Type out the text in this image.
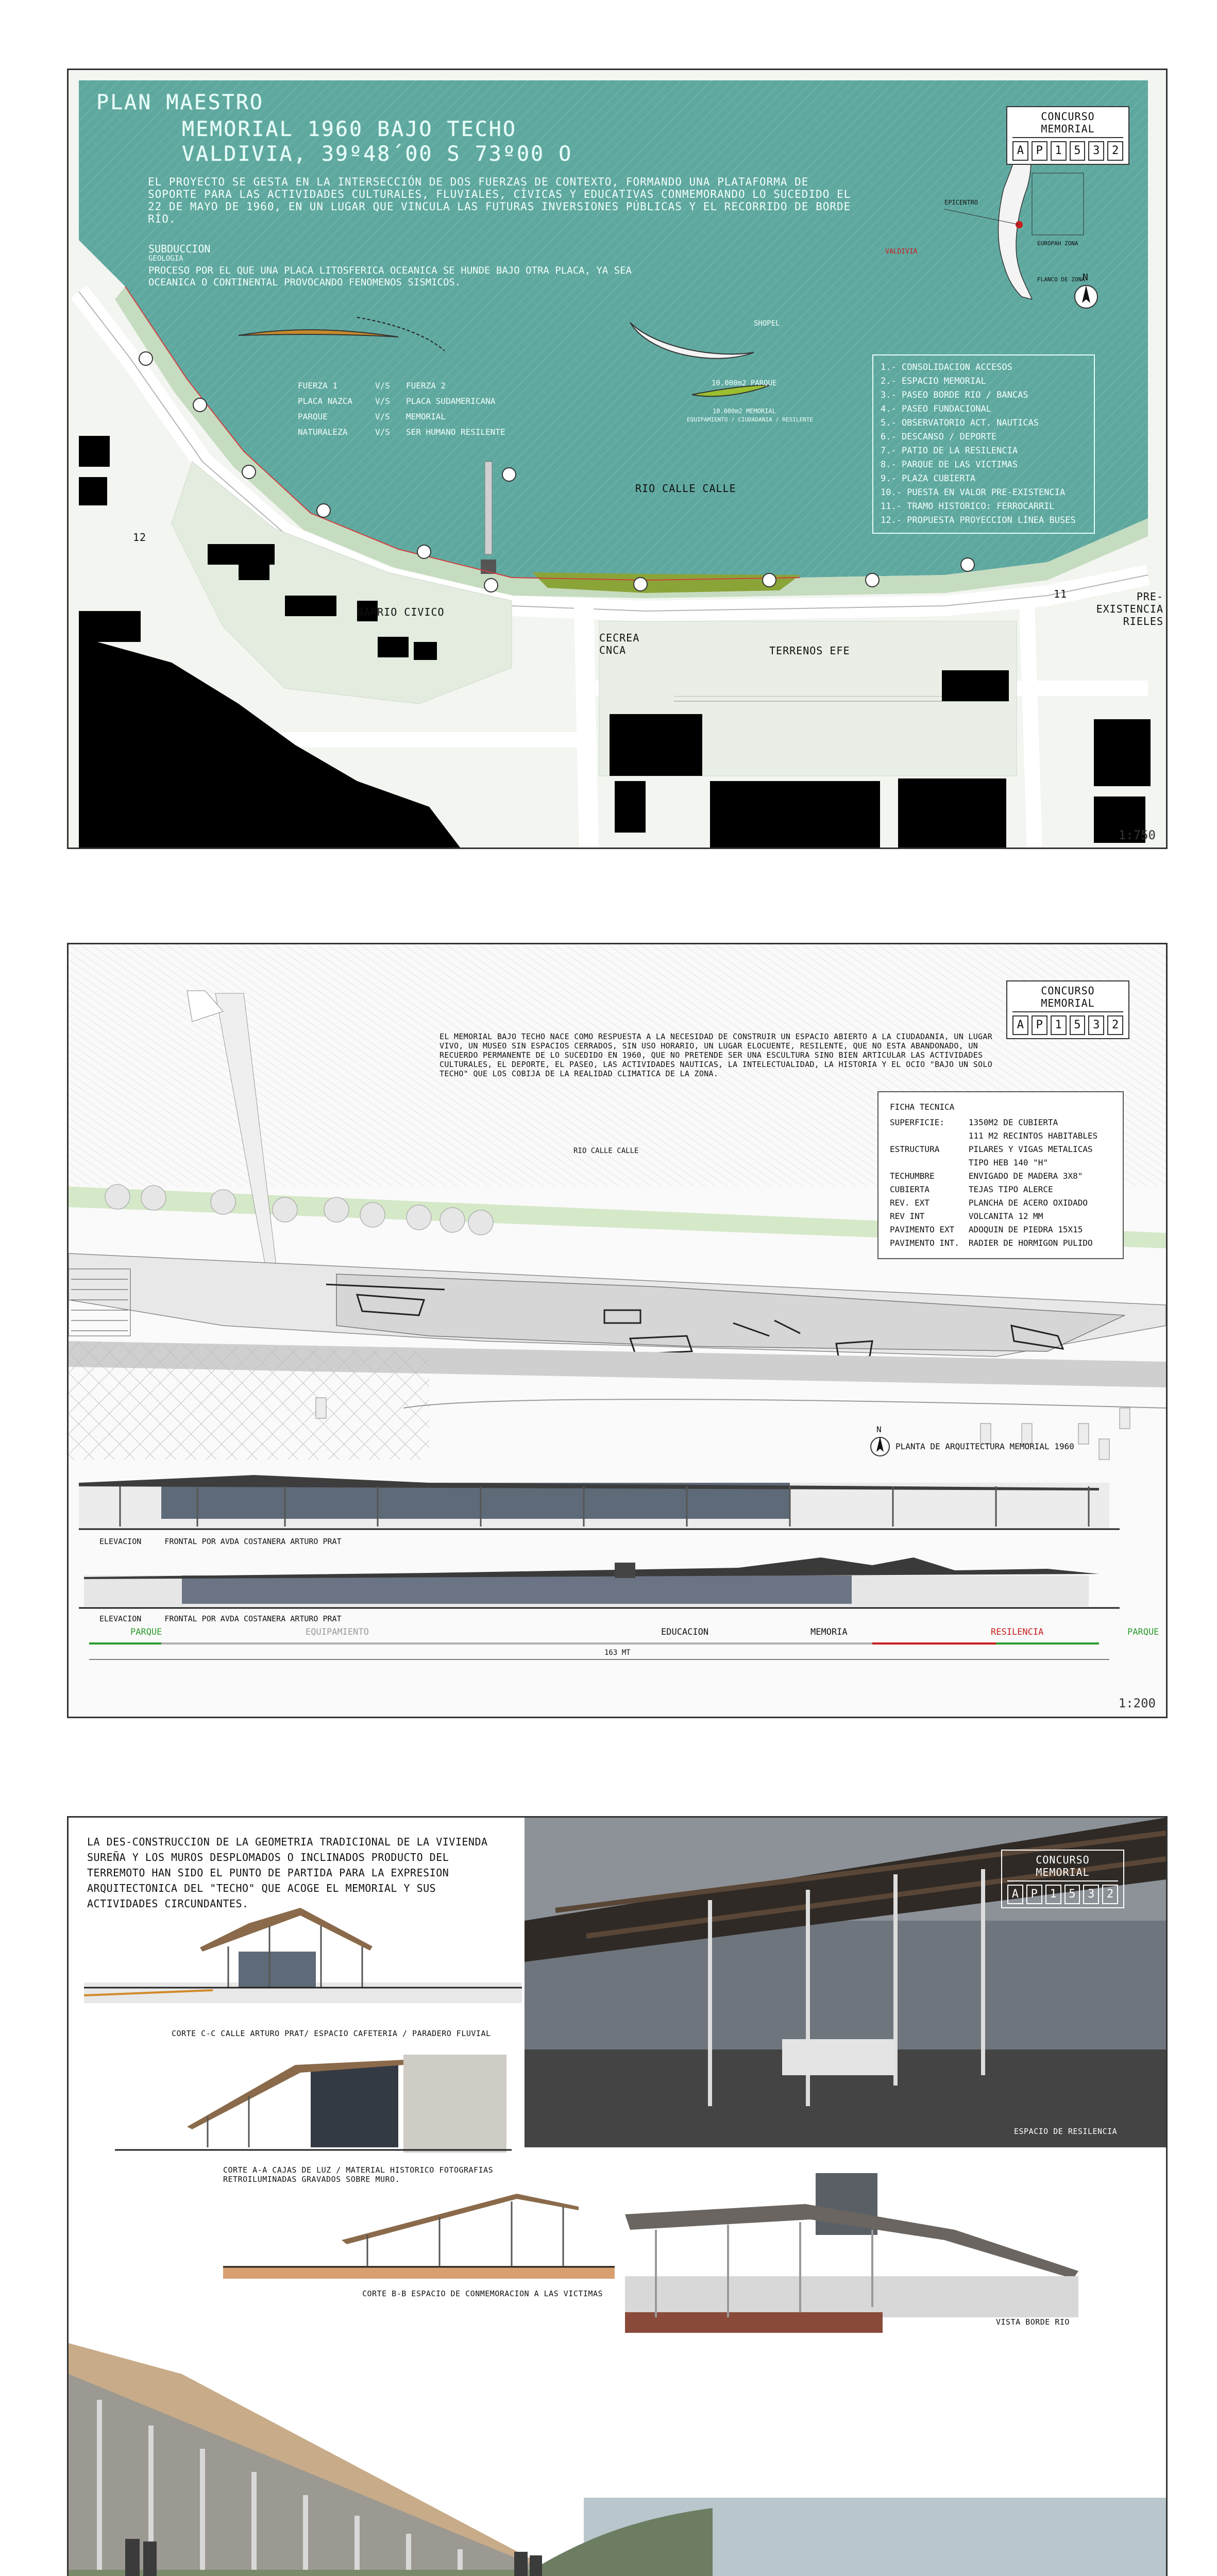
PLAN MAESTRO
MEMORIAL 1960 BAJO TECHO
VALDIVIA, 39º48´00 S 73º00 O
EL PROYECTO SE GESTA EN LA INTERSECCIÓN DE DOS FUERZAS DE CONTEXTO, FORMANDO UNA PLATAFORMA DE SOPORTE PARA LAS ACTIVIDADES CULTURALES, FLUVIALES, CÍVICAS Y EDUCATIVAS CONMEMORANDO LO SUCEDIDO EL 22 DE MAYO DE 1960, EN UN LUGAR QUE VINCULA LAS FUTURAS INVERSIONES PÚBLICAS Y EL RECORRIDO DE BORDE RÍO.
SUBDUCCION
GEOLOGIA
PROCESO POR EL QUE UNA PLACA LITOSFERICA OCEANICA SE HUNDE BAJO OTRA PLACA, YA SEA OCEANICA O CONTINENTAL PROVOCANDO FENOMENOS SISMICOS.
FUERZA 1	V/S FUERZA 2
PLACA NAZCA	V/S PLACA SUDAMERICANA
PARQUE	V/S MEMORIAL
NATURALEZA	V/S SER HUMANO RESILENTE
SHOPEL
10.000m2 PARQUE
10.000m2 MEMORIAL
EQUIPAMIENTO / CIUDADANIA / RESILENTE
1.- CONSOLIDACION ACCESOS
2.- ESPACIO MEMORIAL
3.- PASEO BORDE RIO / BANCAS
4.- PASEO FUNDACIONAL
5.- OBSERVATORIO ACT. NAUTICAS
6.- DESCANSO / DEPORTE
7.- PATIO DE LA RESILENCIA
8.- PARQUE DE LAS VICTIMAS
9.- PLAZA CUBIERTA
10.- PUESTA EN VALOR PRE-EXISTENCIA
11.- TRAMO HISTORICO: FERROCARRIL
12.- PROPUESTA PROYECCION LÍNEA BUSES
CONCURSO MEMORIAL
A	P	1	5	3	2
EPICENTRO
VALDIVIA
EUROPAH ZONA
FLANCO DE ZONA
N
RIO CALLE CALLE
BARRIO CIVICO
CECREA CNCA	TERRENOS EFE
PRE-EXISTENCIA RIELES
11
12
1:750
EL MEMORIAL BAJO TECHO NACE COMO RESPUESTA A LA NECESIDAD DE CONSTRUIR UN ESPACIO ABIERTO A LA CIUDADANIA, UN LUGAR VIVO, UN MUSEO SIN ESPACIOS CERRADOS, SIN USO HORARIO, UN LUGAR ELOCUENTE, RESILENTE, QUE NO ESTA ABANDONADO, UN RECUERDO PERMANENTE DE LO SUCEDIDO EN 1960, QUE NO PRETENDE SER UNA ESCULTURA SINO BIEN ARTICULAR LAS ACTIVIDADES CULTURALES, EL DEPORTE, EL PASEO, LAS ACTIVIDADES NAUTICAS, LA INTELECTUALIDAD, LA HISTORIA Y EL OCIO "BAJO UN SOLO TECHO" QUE LOS COBIJA DE LA REALIDAD CLIMATICA DE LA ZONA.
FICHA TECNICA
SUPERFICIE:	1350M2 DE CUBIERTA
	111 M2 RECINTOS HABITABLES
ESTRUCTURA	PILARES Y VIGAS METALICAS
	TIPO HEB 140 "H"
TECHUMBRE	ENVIGADO DE MADERA 3X8"
CUBIERTA	TEJAS TIPO ALERCE
REV. EXT	PLANCHA DE ACERO OXIDADO
REV INT	VOLCANITA 12 MM
PAVIMENTO EXT	ADOQUIN DE PIEDRA 15X15
PAVIMENTO INT.	RADIER DE HORMIGON PULIDO
CONCURSO MEMORIAL
A	P	1	5	3	2
RIO CALLE CALLE
N
PLANTA DE ARQUITECTURA MEMORIAL 1960
ELEVACION     FRONTAL POR AVDA COSTANERA ARTURO PRAT
ELEVACION     FRONTAL POR AVDA COSTANERA ARTURO PRAT
PARQUE	EQUIPAMIENTO	EDUCACION	MEMORIA	RESILENCIA	PARQUE
163 MT
1:200
LA DES-CONSTRUCCION DE LA GEOMETRIA TRADICIONAL DE LA VIVIENDA SUREÑA Y LOS MUROS DESPLOMADOS O INCLINADOS PRODUCTO DEL TERREMOTO HAN SIDO EL PUNTO DE PARTIDA PARA LA EXPRESION ARQUITECTONICA DEL "TECHO" QUE ACOGE EL MEMORIAL Y SUS ACTIVIDADES CIRCUNDANTES.
CORTE C-C CALLE ARTURO PRAT/ ESPACIO CAFETERIA / PARADERO FLUVIAL
CORTE A-A CAJAS DE LUZ / MATERIAL HISTORICO FOTOGRAFIAS RETROILUMINADAS GRAVADOS SOBRE MURO.
CORTE B-B ESPACIO DE CONMEMORACION A LAS VICTIMAS
ESPACIO DE RESILENCIA
CONCURSO MEMORIAL
A	P	1	5	3	2
VISTA BORDE RIO
